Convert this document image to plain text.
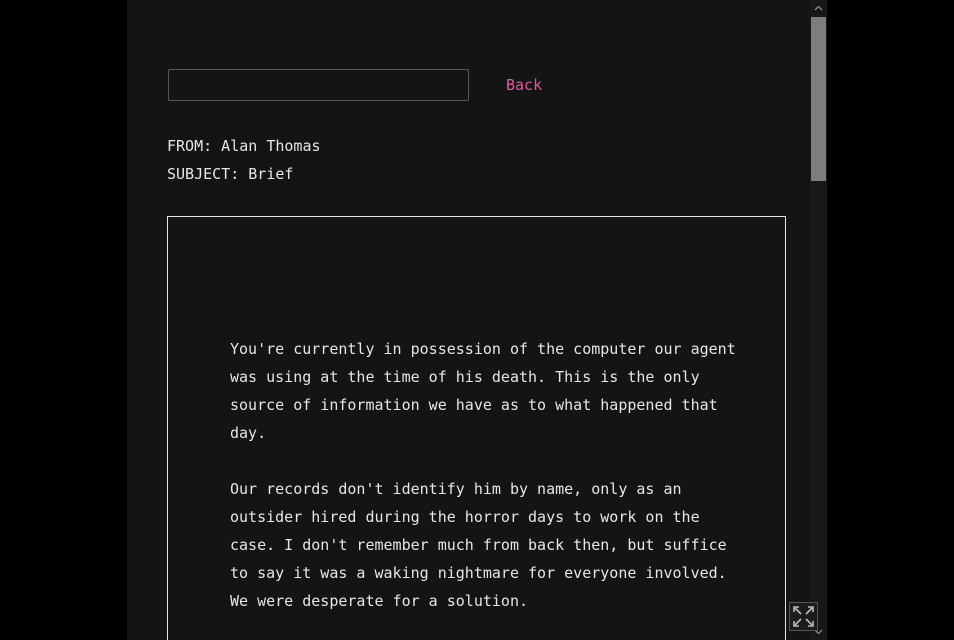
Back
FROM: Alan Thomas
SUBJECT: Brief

You're currently in possession of the computer our agent
was using at the time of his death. This is the only
source of information we have as to what happened that
day.

Our records don't identify him by name, only as an
outsider hired during the horror days to work on the
case. I don't remember much from back then, but suffice
to say it was a waking nightmare for everyone involved.
We were desperate for a solution.
